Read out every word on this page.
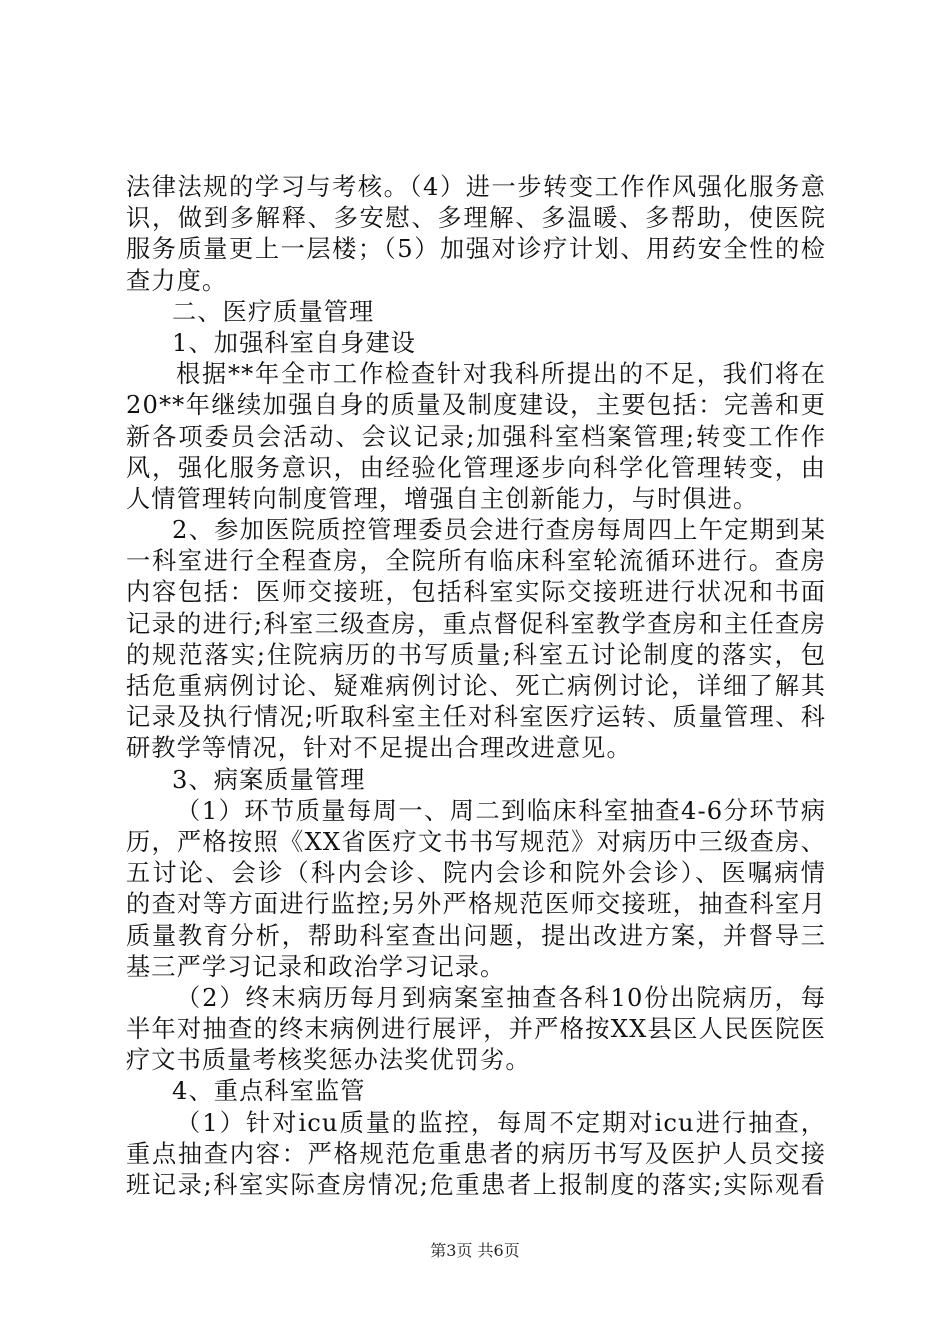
法律法规的学习与考核。（4）进一步转变工作作风强化服务意
识，做到多解释、多安慰、多理解、多温暖、多帮助，使医院
服务质量更上一层楼；（5）加强对诊疗计划、用药安全性的检
查力度。
二、医疗质量管理
1、加强科室自身建设
根据**年全市工作检查针对我科所提出的不足，我们将在
20**年继续加强自身的质量及制度建设，主要包括：完善和更
新各项委员会活动、会议记录;加强科室档案管理;转变工作作
风，强化服务意识，由经验化管理逐步向科学化管理转变，由
人情管理转向制度管理，增强自主创新能力，与时俱进。
2、参加医院质控管理委员会进行查房每周四上午定期到某
一科室进行全程查房，全院所有临床科室轮流循环进行。查房
内容包括：医师交接班，包括科室实际交接班进行状况和书面
记录的进行;科室三级查房，重点督促科室教学查房和主任查房
的规范落实;住院病历的书写质量;科室五讨论制度的落实，包
括危重病例讨论、疑难病例讨论、死亡病例讨论，详细了解其
记录及执行情况;听取科室主任对科室医疗运转、质量管理、科
研教学等情况，针对不足提出合理改进意见。
3、病案质量管理
（1）环节质量每周一、周二到临床科室抽查4-6分环节病
历，严格按照《XX省医疗文书书写规范》对病历中三级查房、
五讨论、会诊（科内会诊、院内会诊和院外会诊）、医嘱病情
的查对等方面进行监控;另外严格规范医师交接班，抽查科室月
质量教育分析，帮助科室查出问题，提出改进方案，并督导三
基三严学习记录和政治学习记录。
（2）终末病历每月到病案室抽查各科10份出院病历，每
半年对抽查的终末病例进行展评，并严格按XX县区人民医院医
疗文书质量考核奖惩办法奖优罚劣。
4、重点科室监管
（1）针对icu质量的监控，每周不定期对icu进行抽查，
重点抽查内容：严格规范危重患者的病历书写及医护人员交接
班记录;科室实际查房情况;危重患者上报制度的落实;实际观看
第3页 共6页
